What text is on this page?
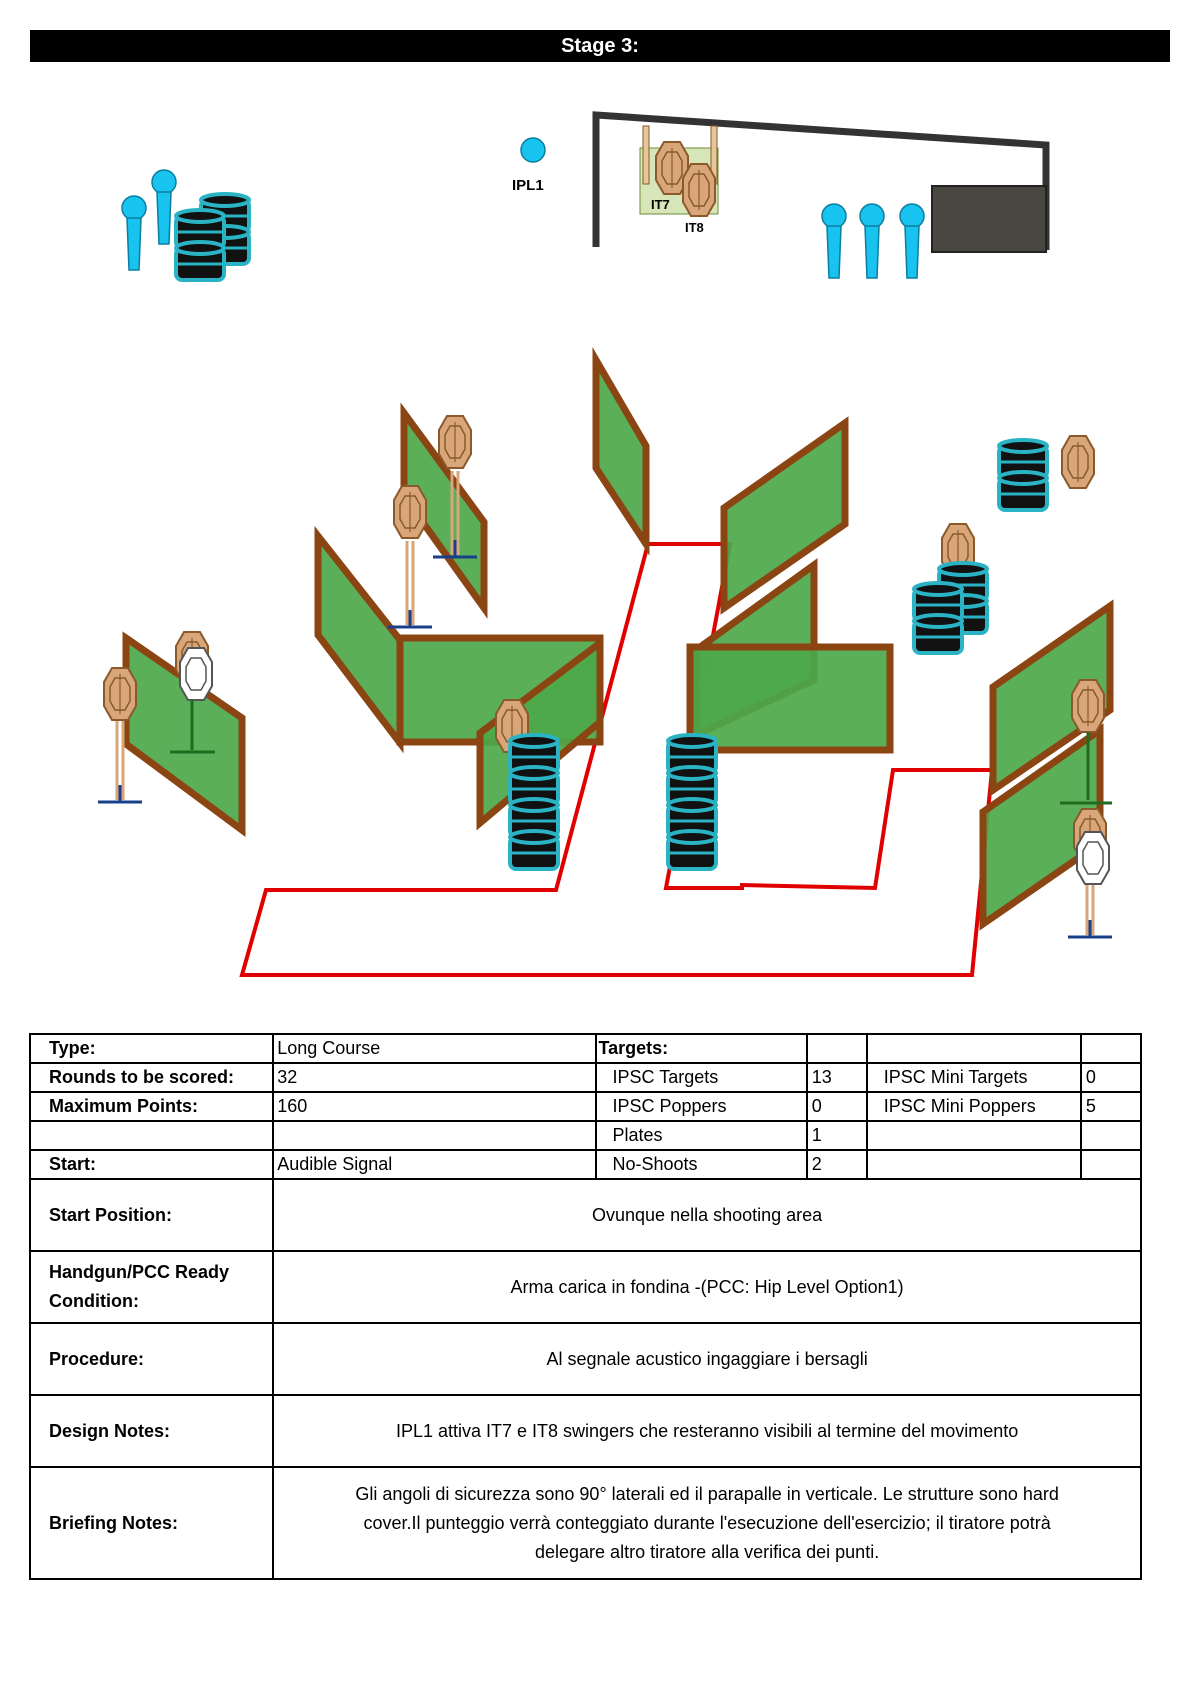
Stage 3:
IPL1
IT7
IT8
Type:	Long Course	Targets:			
Rounds to be scored:	32	IPSC Targets	13	IPSC Mini Targets	0
Maximum Points:	160	IPSC Poppers	0	IPSC Mini Poppers	5
		Plates	1		
Start:	Audible Signal	No-Shoots	2		
Start Position:	Ovunque nella shooting area				
Handgun/PCC Ready
Condition:	Arma carica in fondina -(PCC: Hip Level Option1)				
Procedure:	Al segnale acustico ingaggiare i bersagli				
Design Notes:	IPL1 attiva IT7 e IT8 swingers che resteranno visibili al termine del movimento				
Briefing Notes:	Gli angoli di sicurezza sono 90° laterali ed il parapalle in verticale. Le strutture sono hard
cover.Il punteggio verrà conteggiato durante l'esecuzione dell'esercizio; il tiratore potrà
delegare altro tiratore alla verifica dei punti.				
